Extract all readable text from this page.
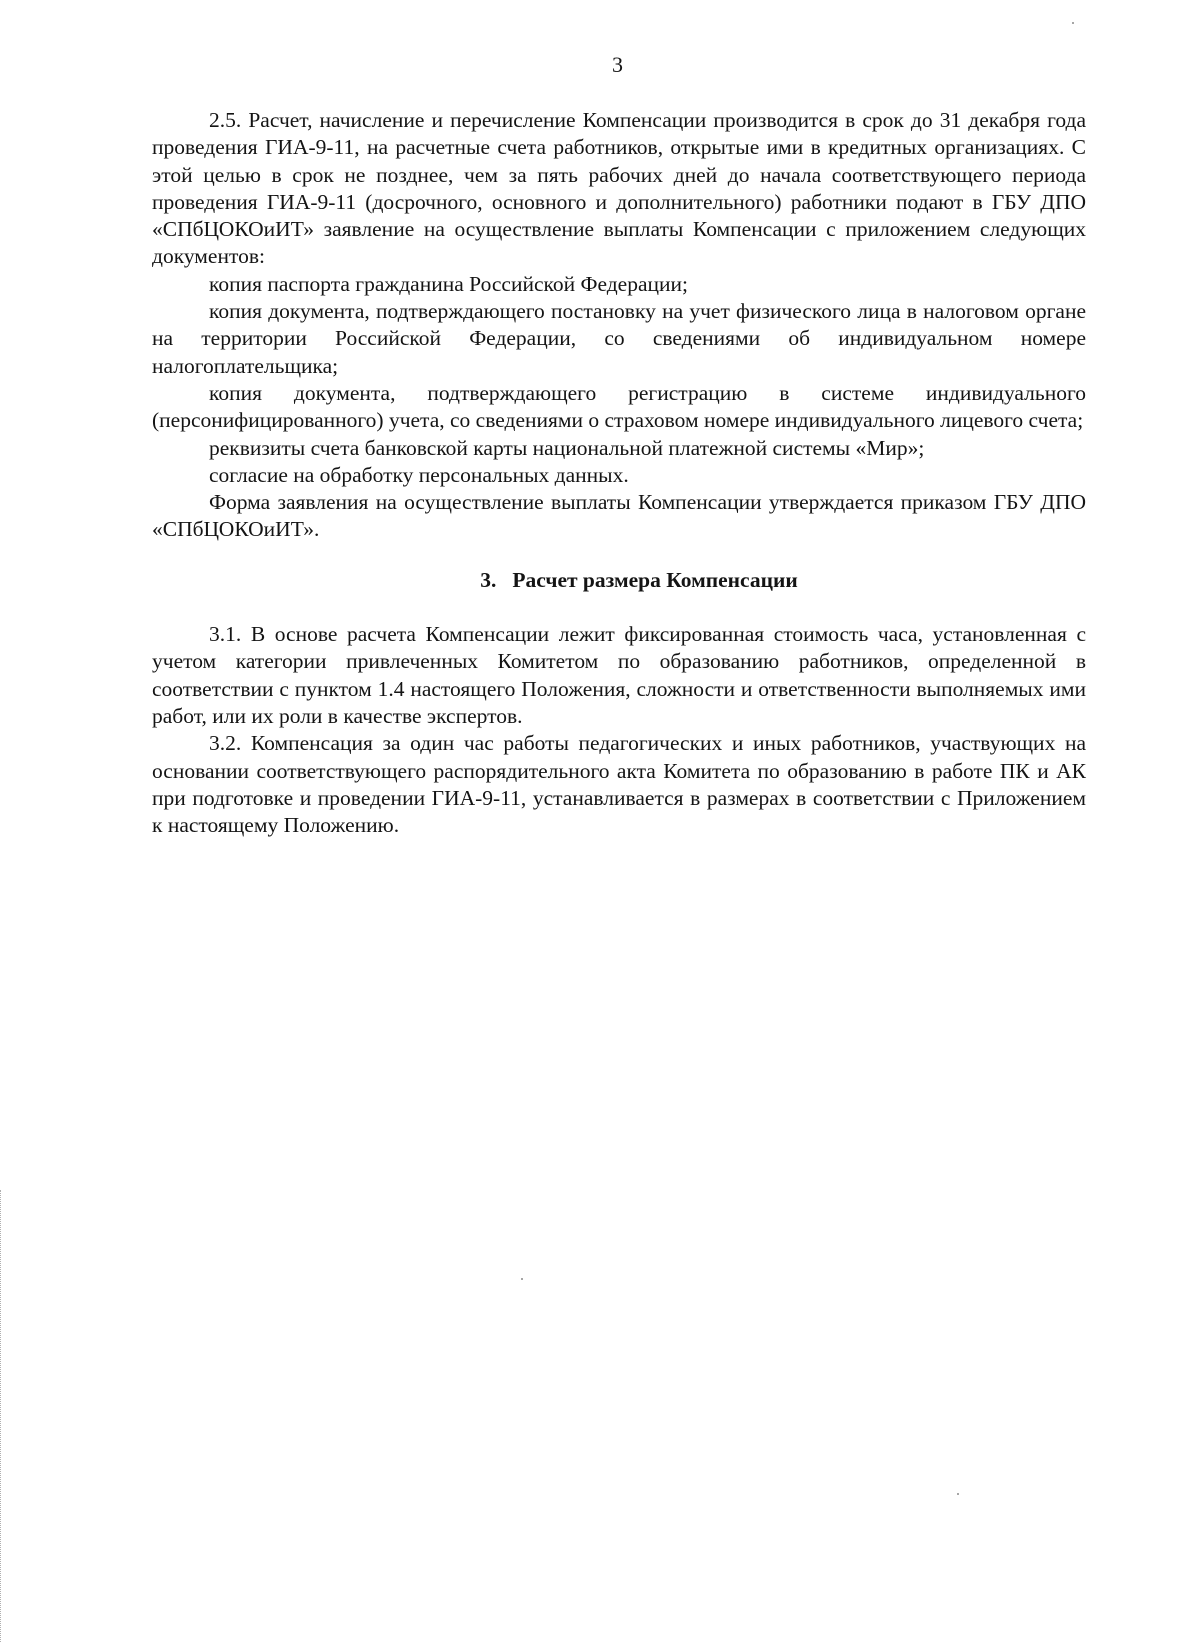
3

2.5. Расчет, начисление и перечисление Компенсации производится в срок до 31 декабря года проведения ГИА-9-11, на расчетные счета работников, открытые ими в кредитных организациях. С этой целью в срок не позднее, чем за пять рабочих дней до начала соответствующего периода проведения ГИА-9-11 (досрочного, основного и дополнительного) работники подают в ГБУ ДПО «СПбЦОКОиИТ» заявление на осуществление выплаты Компенсации с приложением следующих документов:

копия паспорта гражданина Российской Федерации;

копия документа, подтверждающего постановку на учет физического лица в налоговом органе на территории Российской Федерации, со сведениями об индивидуальном номере налогоплательщика;

копия документа, подтверждающего регистрацию в системе индивидуального (персонифицированного) учета, со сведениями о страховом номере индивидуального лицевого счета;

реквизиты счета банковской карты национальной платежной системы «Мир»;

согласие на обработку персональных данных.

Форма заявления на осуществление выплаты Компенсации утверждается приказом ГБУ ДПО «СПбЦОКОиИТ».

3. Расчет размера Компенсации

3.1. В основе расчета Компенсации лежит фиксированная стоимость часа, установленная с учетом категории привлеченных Комитетом по образованию работников, определенной в соответствии с пунктом 1.4 настоящего Положения, сложности и ответственности выполняемых ими работ, или их роли в качестве экспертов.

3.2. Компенсация за один час работы педагогических и иных работников, участвующих на основании соответствующего распорядительного акта Комитета по образованию в работе ПК и АК при подготовке и проведении ГИА-9-11, устанавливается в размерах в соответствии с Приложением к настоящему Положению.
